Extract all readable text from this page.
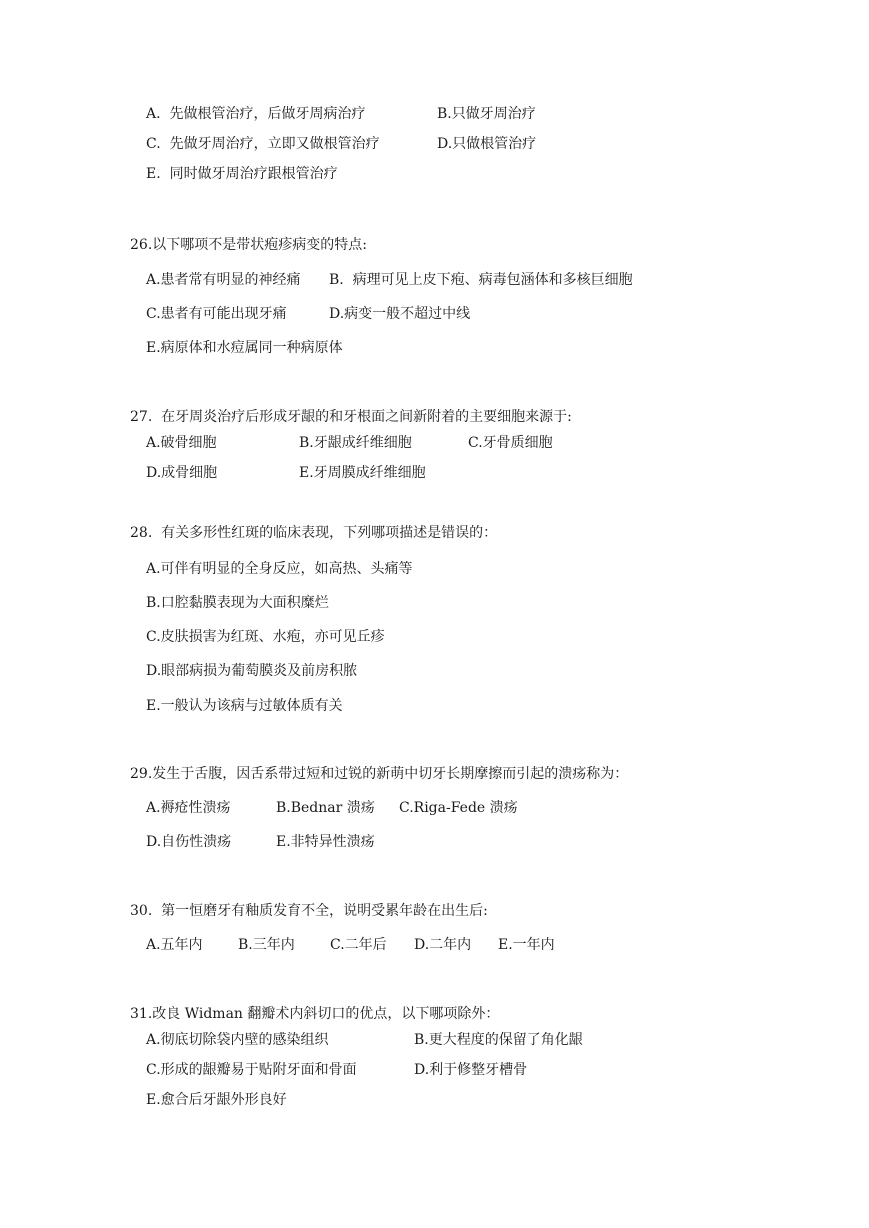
A.  先做根管治疗，后做牙周病治疗	B.只做牙周治疗
C.  先做牙周治疗，立即又做根管治疗	D.只做根管治疗
E.  同时做牙周治疗跟根管治疗
26.以下哪项不是带状疱疹病变的特点:
A.患者常有明显的神经痛 B.  病理可见上皮下疱、病毒包涵体和多核巨细胞
C.患者有可能出现牙痛	D.病变一般不超过中线
E.病原体和水痘属同一种病原体
27.  在牙周炎治疗后形成牙龈的和牙根面之间新附着的主要细胞来源于:
A.破骨细胞	B.牙龈成纤维细胞	C.牙骨质细胞
D.成骨细胞	E.牙周膜成纤维细胞
28.  有关多形性红斑的临床表现，下列哪项描述是错误的：
A.可伴有明显的全身反应，如高热、头痛等
B.口腔黏膜表现为大面积糜烂
C.皮肤损害为红斑、水疱，亦可见丘疹
D.眼部病损为葡萄膜炎及前房积脓
E.一般认为该病与过敏体质有关
29.发生于舌腹，因舌系带过短和过锐的新萌中切牙长期摩擦而引起的溃疡称为：
A.褥疮性溃疡	B.Bednar 溃疡 C.Riga-Fede 溃疡
D.自伤性溃疡	E.非特异性溃疡
30.  第一恒磨牙有釉质发育不全，说明受累年龄在出生后:
A.五年内	B.三年内	C.二年后 D.二年内 E.一年内
31.改良 Widman 翻瓣术内斜切口的优点，以下哪项除外：
A.彻底切除袋内壁的感染组织	B.更大程度的保留了角化龈
C.形成的龈瓣易于贴附牙面和骨面	D.利于修整牙槽骨
E.愈合后牙龈外形良好
